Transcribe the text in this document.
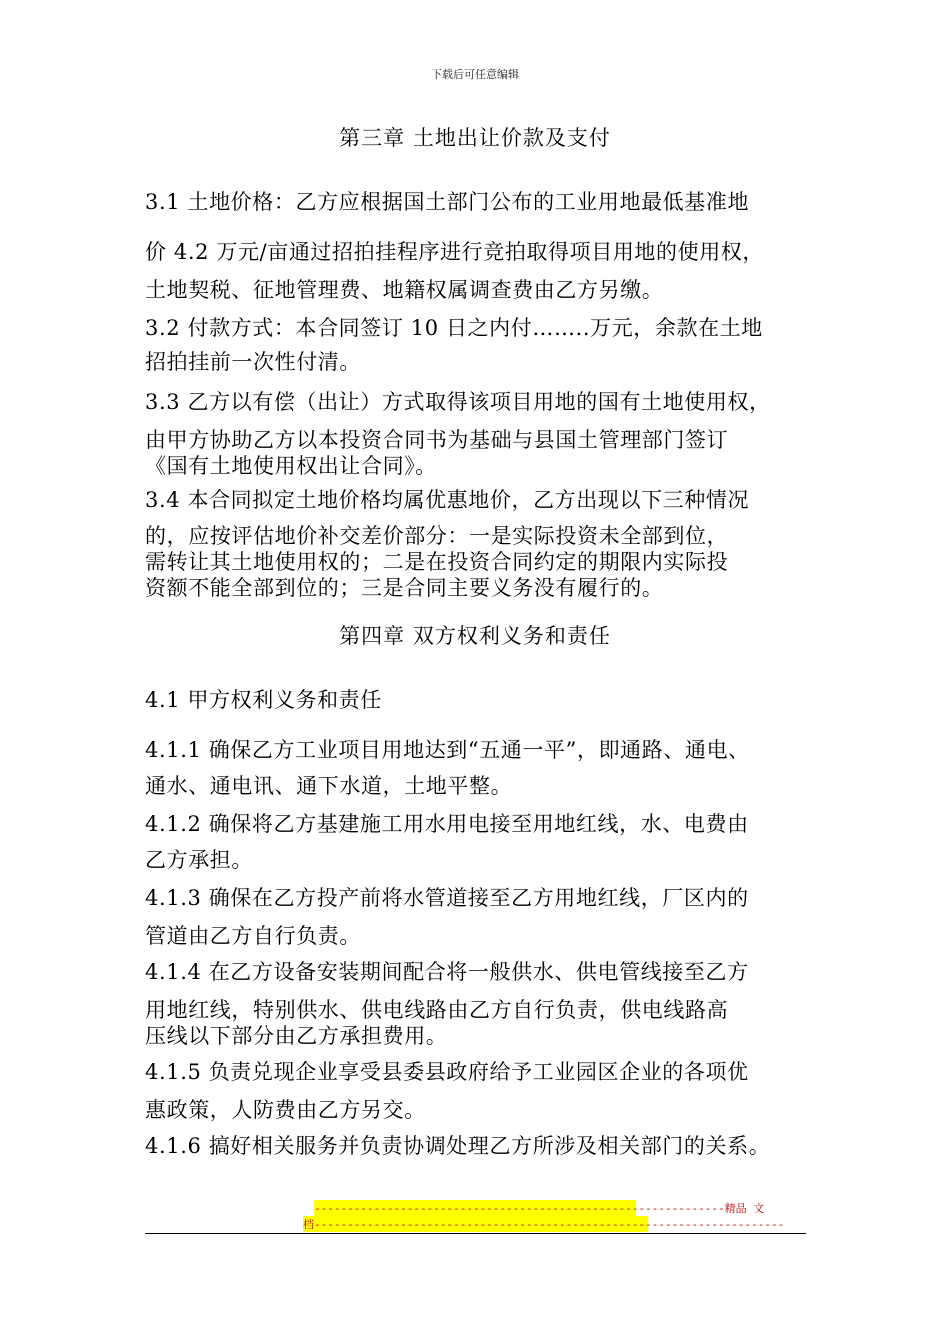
下载后可任意编辑
第三章 土地出让价款及支付
3.1 土地价格：乙方应根据国土部门公布的工业用地最低基准地
价 4.2 万元/亩通过招拍挂程序进行竞拍取得项目用地的使用权，
土地契税、征地管理费、地籍权属调查费由乙方另缴。
3.2 付款方式：本合同签订 10 日之内付……..万元，余款在土地
招拍挂前一次性付清。
3.3 乙方以有偿（出让）方式取得该项目用地的国有土地使用权，
由甲方协助乙方以本投资合同书为基础与县国土管理部门签订
《国有土地使用权出让合同》。
3.4 本合同拟定土地价格均属优惠地价，乙方出现以下三种情况
的，应按评估地价补交差价部分：一是实际投资未全部到位，
需转让其土地使用权的；二是在投资合同约定的期限内实际投
资额不能全部到位的；三是合同主要义务没有履行的。
第四章 双方权利义务和责任
4.1 甲方权利义务和责任
4.1.1 确保乙方工业项目用地达到“五通一平”，即通路、通电、
通水、通电讯、通下水道，土地平整。
4.1.2 确保将乙方基建施工用水用电接至用地红线，水、电费由
乙方承担。
4.1.3 确保在乙方投产前将水管道接至乙方用地红线，厂区内的
管道由乙方自行负责。
4.1.4 在乙方设备安装期间配合将一般供水、供电管线接至乙方
用地红线，特别供水、供电线路由乙方自行负责，供电线路高
压线以下部分由乙方承担费用。
4.1.5 负责兑现企业享受县委县政府给予工业园区企业的各项优
惠政策，人防费由乙方另交。
4.1.6 搞好相关服务并负责协调处理乙方所涉及相关部门的关系。
--------------------------------------------------------------精品 文
档-----------------------------------------------------------------------
